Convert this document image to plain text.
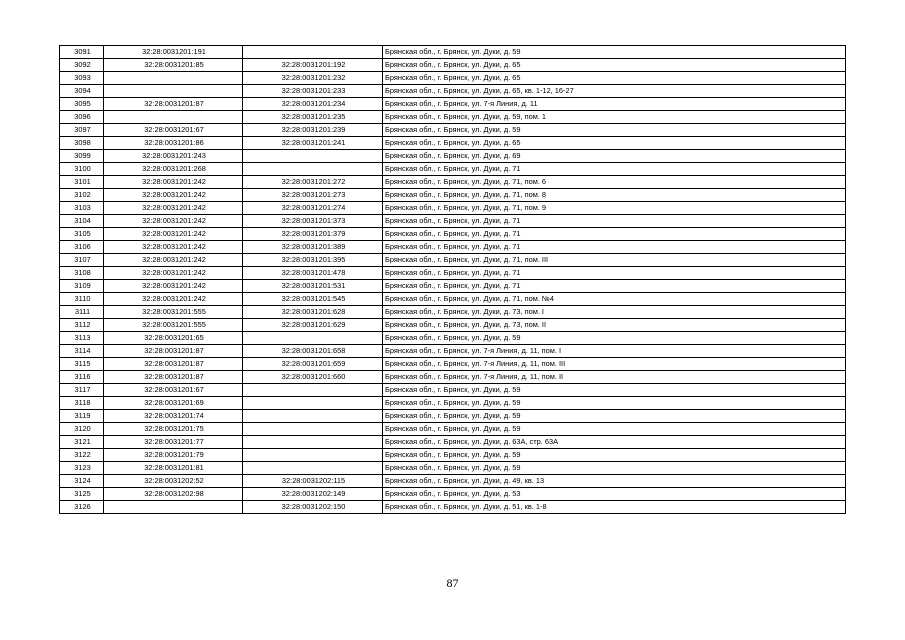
3091	32:28:0031201:191		Брянская обл., г. Брянск, ул. Дуки, д. 59
3092	32:28:0031201:85	32:28:0031201:192	Брянская обл., г. Брянск, ул. Дуки, д. 65
3093		32:28:0031201:232	Брянская обл., г. Брянск, ул. Дуки, д. 65
3094		32:28:0031201:233	Брянская обл., г. Брянск, ул. Дуки, д. 65, кв. 1-12, 16-27
3095	32:28:0031201:87	32:28:0031201:234	Брянская обл., г. Брянск, ул. 7-я Линия, д. 11
3096		32:28:0031201:235	Брянская обл., г. Брянск, ул. Дуки, д. 59, пом. 1
3097	32:28:0031201:67	32:28:0031201:239	Брянская обл., г. Брянск, ул. Дуки, д. 59
3098	32:28:0031201:86	32:28:0031201:241	Брянская обл., г. Брянск, ул. Дуки, д. 65
3099	32:28:0031201:243		Брянская обл., г. Брянск, ул. Дуки, д. 69
3100	32:28:0031201:268		Брянская обл., г. Брянск, ул. Дуки, д. 71
3101	32:28:0031201:242	32:28:0031201:272	Брянская обл., г. Брянск, ул. Дуки, д. 71, пом. 6
3102	32:28:0031201:242	32:28:0031201:273	Брянская обл., г. Брянск, ул. Дуки, д. 71, пом. 8
3103	32:28:0031201:242	32:28:0031201:274	Брянская обл., г. Брянск, ул. Дуки, д. 71, пом. 9
3104	32:28:0031201:242	32:28:0031201:373	Брянская обл., г. Брянск, ул. Дуки, д. 71
3105	32:28:0031201:242	32:28:0031201:379	Брянская обл., г. Брянск, ул. Дуки, д. 71
3106	32:28:0031201:242	32:28:0031201:389	Брянская обл., г. Брянск, ул. Дуки, д. 71
3107	32:28:0031201:242	32:28:0031201:395	Брянская обл., г. Брянск, ул. Дуки, д. 71, пом. III
3108	32:28:0031201:242	32:28:0031201:478	Брянская обл., г. Брянск, ул. Дуки, д. 71
3109	32:28:0031201:242	32:28:0031201:531	Брянская обл., г. Брянск, ул. Дуки, д. 71
3110	32:28:0031201:242	32:28:0031201:545	Брянская обл., г. Брянск, ул. Дуки, д. 71, пом. №4
3111	32:28:0031201:555	32:28:0031201:628	Брянская обл., г. Брянск, ул. Дуки, д. 73, пом. I
3112	32:28:0031201:555	32:28:0031201:629	Брянская обл., г. Брянск, ул. Дуки, д. 73, пом. II
3113	32:28:0031201:65		Брянская обл., г. Брянск, ул. Дуки, д. 59
3114	32:28:0031201:87	32:28:0031201:658	Брянская обл., г. Брянск, ул. 7-я Линия, д. 11, пом. I
3115	32:28:0031201:87	32:28:0031201:659	Брянская обл., г. Брянск, ул. 7-я Линия, д. 11, пом. III
3116	32:28:0031201:87	32:28:0031201:660	Брянская обл., г. Брянск, ул. 7-я Линия, д. 11, пом. II
3117	32:28:0031201:67		Брянская обл., г. Брянск, ул. Дуки, д. 59
3118	32:28:0031201:69		Брянская обл., г. Брянск, ул. Дуки, д. 59
3119	32:28:0031201:74		Брянская обл., г. Брянск, ул. Дуки, д. 59
3120	32:28:0031201:75		Брянская обл., г. Брянск, ул. Дуки, д. 59
3121	32:28:0031201:77		Брянская обл., г. Брянск, ул. Дуки, д. 63А, стр. 63А
3122	32:28:0031201:79		Брянская обл., г. Брянск, ул. Дуки, д. 59
3123	32:28:0031201:81		Брянская обл., г. Брянск, ул. Дуки, д. 59
3124	32:28:0031202:52	32:28:0031202:115	Брянская обл., г. Брянск, ул. Дуки, д. 49, кв. 13
3125	32:28:0031202:98	32:28:0031202:149	Брянская обл., г. Брянск, ул. Дуки, д. 53
3126		32:28:0031202:150	Брянская обл., г. Брянск, ул. Дуки, д. 51, кв. 1-8
87
